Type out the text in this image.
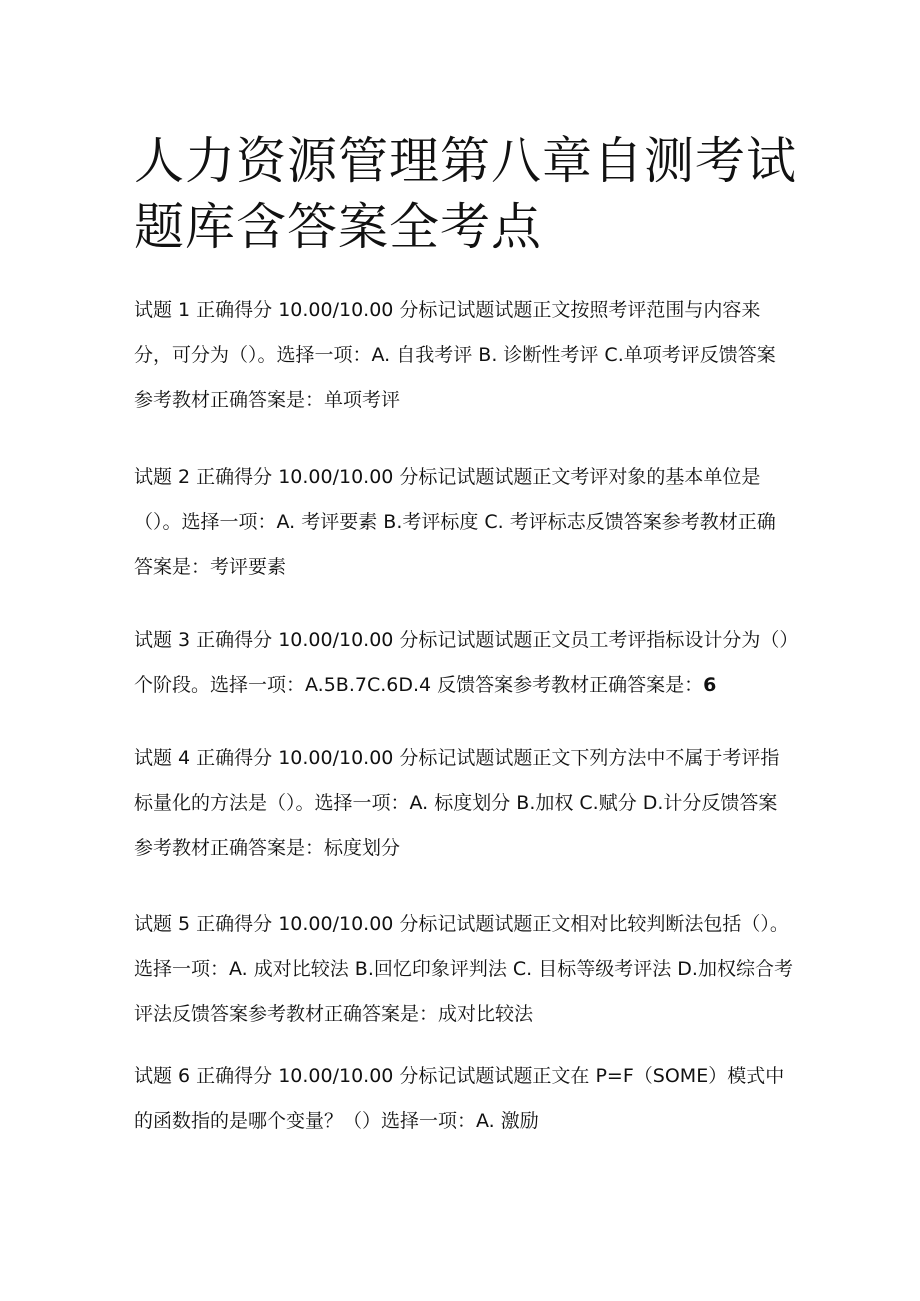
人力资源管理第八章自测考试题库含答案全考点

试题 1 正确得分 10.00/10.00 分标记试题试题正文按照考评范围与内容来分，可分为（）。选择一项：A. 自我考评 B. 诊断性考评 C.单项考评反馈答案参考教材正确答案是：单项考评

试题 2 正确得分 10.00/10.00 分标记试题试题正文考评对象的基本单位是（）。选择一项：A. 考评要素 B.考评标度 C. 考评标志反馈答案参考教材正确答案是：考评要素

试题 3 正确得分 10.00/10.00 分标记试题试题正文员工考评指标设计分为（）个阶段。选择一项：A.5B.7C.6D.4 反馈答案参考教材正确答案是：6

试题 4 正确得分 10.00/10.00 分标记试题试题正文下列方法中不属于考评指标量化的方法是（）。选择一项：A. 标度划分 B.加权 C.赋分 D.计分反馈答案参考教材正确答案是：标度划分

试题 5 正确得分 10.00/10.00 分标记试题试题正文相对比较判断法包括（）。选择一项：A. 成对比较法 B.回忆印象评判法 C. 目标等级考评法 D.加权综合考评法反馈答案参考教材正确答案是：成对比较法

试题 6 正确得分 10.00/10.00 分标记试题试题正文在 P=F（SOME）模式中的函数指的是哪个变量？（）选择一项：A. 激励
